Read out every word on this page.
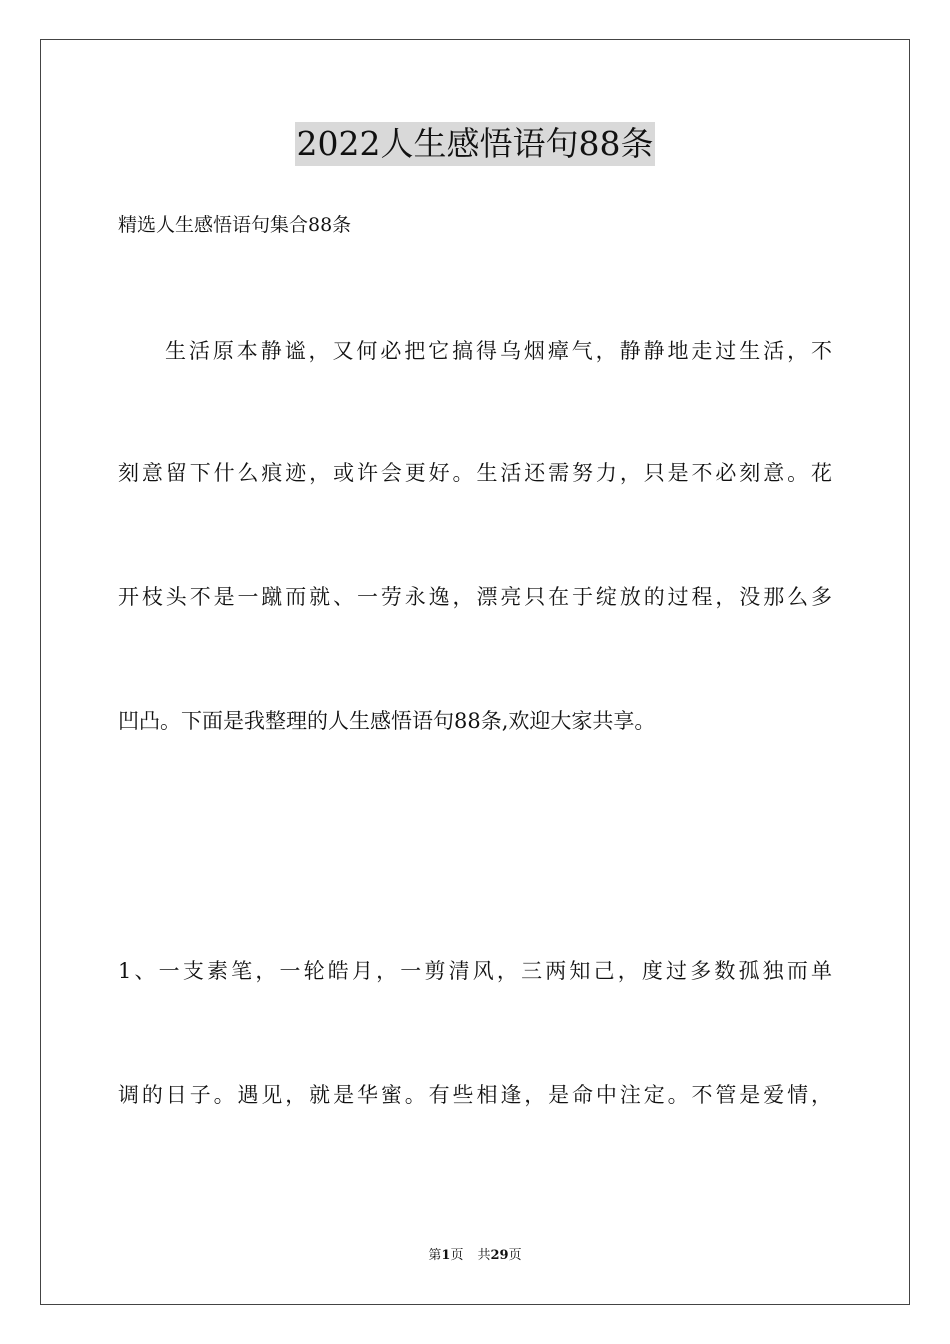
2022人生感悟语句88条
精选人生感悟语句集合88条
生活原本静谧，又何必把它搞得乌烟瘴气，静静地走过生活，不
刻意留下什么痕迹，或许会更好。生活还需努力，只是不必刻意。花
开枝头不是一蹴而就、一劳永逸，漂亮只在于绽放的过程，没那么多
凹凸。下面是我整理的人生感悟语句88条,欢迎大家共享。
1、一支素笔，一轮皓月，一剪清风，三两知己，度过多数孤独而单
调的日子。遇见，就是华蜜。有些相逢，是命中注定。不管是爱情，
第1页 共29页
